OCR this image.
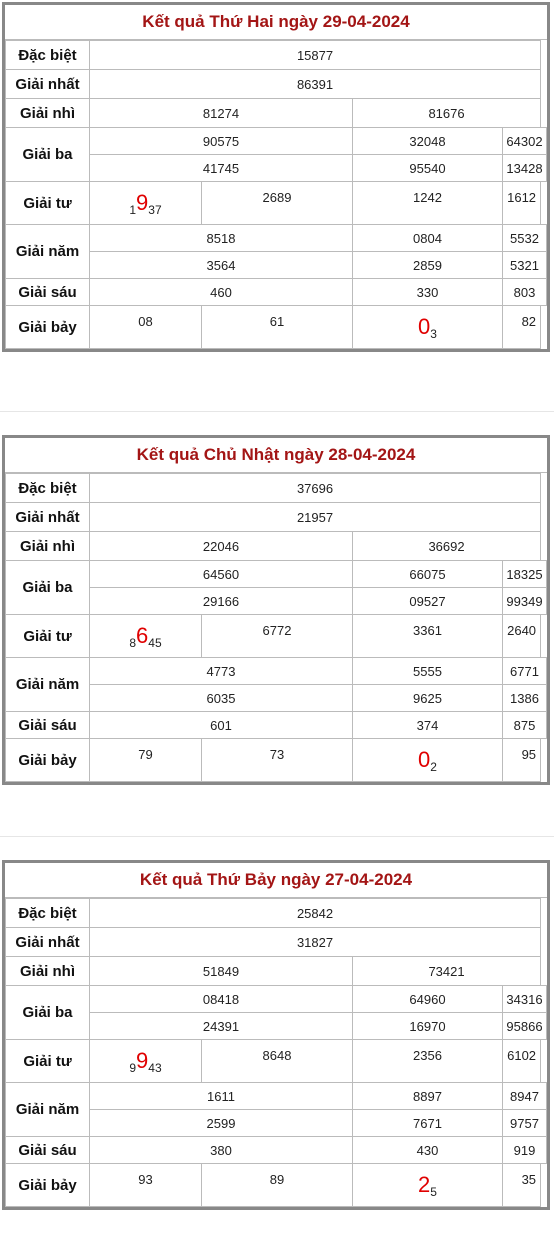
Kết quả Thứ Hai ngày 29-04-2024
Đặc biệt	15877			
Giải nhất	86391			
Giải nhì	81274		81676	
Giải ba	90575		32048	64302
	41745		95540	13428
Giải tư	1937	2689	1242	1612
Giải năm	8518		0804	5532
	3564		2859	5321
Giải sáu	460		330	803
Giải bảy	08	61	03	82
Kết quả Chủ Nhật ngày 28-04-2024
Đặc biệt	37696			
Giải nhất	21957			
Giải nhì	22046		36692	
Giải ba	64560		66075	18325
	29166		09527	99349
Giải tư	8645	6772	3361	2640
Giải năm	4773		5555	6771
	6035		9625	1386
Giải sáu	601		374	875
Giải bảy	79	73	02	95
Kết quả Thứ Bảy ngày 27-04-2024
Đặc biệt	25842			
Giải nhất	31827			
Giải nhì	51849		73421	
Giải ba	08418		64960	34316
	24391		16970	95866
Giải tư	9943	8648	2356	6102
Giải năm	1611		8897	8947
	2599		7671	9757
Giải sáu	380		430	919
Giải bảy	93	89	25	35
